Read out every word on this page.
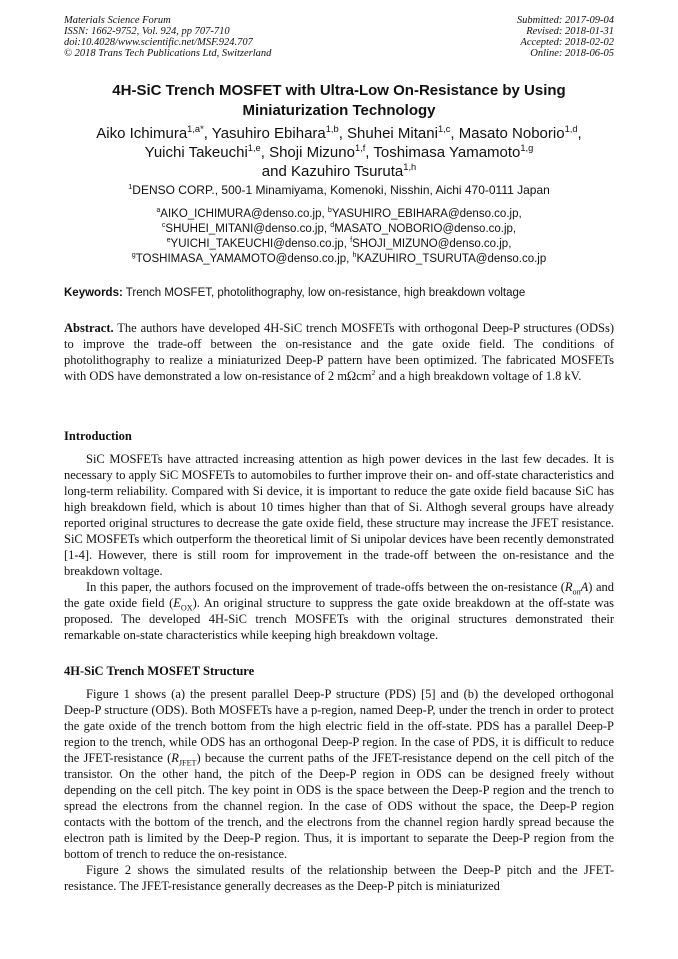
Materials Science Forum
ISSN: 1662-9752, Vol. 924, pp 707-710
doi:10.4028/www.scientific.net/MSF.924.707
© 2018 Trans Tech Publications Ltd, Switzerland
Submitted: 2017-09-04
Revised: 2018-01-31
Accepted: 2018-02-02
Online: 2018-06-05
4H-SiC Trench MOSFET with Ultra-Low On-Resistance by Using Miniaturization Technology
Aiko Ichimura$^{1,a*}$, Yasuhiro Ebihara$^{1,b}$, Shuhei Mitani$^{1,c}$, Masato Noborio$^{1,d}$,
Yuichi Takeuchi$^{1,e}$, Shoji Mizuno$^{1,f}$, Toshimasa Yamamoto$^{1,g}$
and Kazuhiro Tsuruta$^{1,h}$
$^1$DENSO CORP., 500-1 Minamiyama, Komenoki, Nisshin, Aichi 470-0111 Japan
$^a$AIKO_ICHIMURA@denso.co.jp, $^b$YASUHIRO_EBIHARA@denso.co.jp,
$^c$SHUHEI_MITANI@denso.co.jp, $^d$MASATO_NOBORIO@denso.co.jp,
$^e$YUICHI_TAKEUCHI@denso.co.jp, $^f$SHOJI_MIZUNO@denso.co.jp,
$^g$TOSHIMASA_YAMAMOTO@denso.co.jp, $^h$KAZUHIRO_TSURUTA@denso.co.jp
Keywords: Trench MOSFET, photolithography, low on-resistance, high breakdown voltage

Abstract. The authors have developed 4H-SiC trench MOSFETs with orthogonal Deep-P structures (ODSs) to improve the trade-off between the on-resistance and the gate oxide field. The conditions of photolithography to realize a miniaturized Deep-P pattern have been optimized. The fabricated MOSFETs with ODS have demonstrated a low on-resistance of 2 mΩcm$^2$ and a high breakdown voltage of 1.8 kV.

Introduction

SiC MOSFETs have attracted increasing attention as high power devices in the last few decades. It is necessary to apply SiC MOSFETs to automobiles to further improve their on- and off-state characteristics and long-term reliability. Compared with Si device, it is important to reduce the gate oxide field bacause SiC has high breakdown field, which is about 10 times higher than that of Si. Althogh several groups have already reported original structures to decrease the gate oxide field, these structure may increase the JFET resistance. SiC MOSFETs which outperform the theoretical limit of Si unipolar devices have been recently demonstrated [1-4]. However, there is still room for improvement in the trade-off between the on-resistance and the breakdown voltage.

In this paper, the authors focused on the improvement of trade-offs between the on-resistance $(R_{on}A)$ and the gate oxide field $(E_{OX})$. An original structure to suppress the gate oxide breakdown at the off-state was proposed. The developed 4H-SiC trench MOSFETs with the original structures demonstrated their remarkable on-state characteristics while keeping high breakdown voltage.

4H-SiC Trench MOSFET Structure

Figure 1 shows (a) the present parallel Deep-P structure (PDS) [5] and (b) the developed orthogonal Deep-P structure (ODS). Both MOSFETs have a p-region, named Deep-P, under the trench in order to protect the gate oxide of the trench bottom from the high electric field in the off-state. PDS has a parallel Deep-P region to the trench, while ODS has an orthogonal Deep-P region. In the case of PDS, it is difficult to reduce the JFET-resistance $(R_{JFET})$ because the current paths of the JFET-resistance depend on the cell pitch of the transistor. On the other hand, the pitch of the Deep-P region in ODS can be designed freely without depending on the cell pitch. The key point in ODS is the space between the Deep-P region and the trench to spread the electrons from the channel region. In the case of ODS without the space, the Deep-P region contacts with the bottom of the trench, and the electrons from the channel region hardly spread because the electron path is limited by the Deep-P region. Thus, it is important to separate the Deep-P region from the bottom of trench to reduce the on-resistance.

Figure 2 shows the simulated results of the relationship between the Deep-P pitch and the JFET-resistance. The JFET-resistance generally decreases as the Deep-P pitch is miniaturized
